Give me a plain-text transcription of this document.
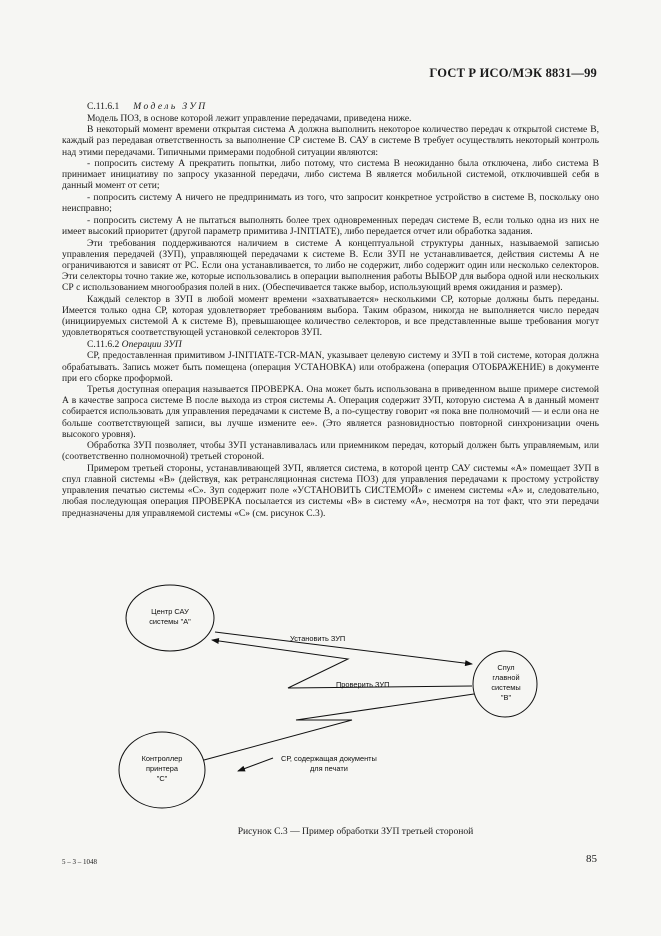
ГОСТ Р ИСО/МЭК 8831—99

С.11.6.1 Модель ЗУП

Модель ПОЗ, в основе которой лежит управление передачами, приведена ниже.

В некоторый момент времени открытая система А должна выполнить некоторое количество передач к открытой системе В, каждый раз передавая ответственность за выполнение СР системе В. САУ в системе В требует осуществлять некоторый контроль над этими передачами. Типичными примерами подобной ситуации являются:

- попросить систему А прекратить попытки, либо потому, что система В неожиданно была отключена, либо система В принимает инициативу по запросу указанной передачи, либо система В является мобильной системой, отключившей себя в данный момент от сети;

- попросить систему А ничего не предпринимать из того, что запросит конкретное устройство в системе В, поскольку оно неисправно;

- попросить систему А не пытаться выполнять более трех одновременных передач системе В, если только одна из них не имеет высокий приоритет (другой параметр примитива J-INITIATE), либо передается отчет или обработка задания.

Эти требования поддерживаются наличием в системе А концептуальной структуры данных, называемой записью управления передачей (ЗУП), управляющей передачами к системе В. Если ЗУП не устанавливается, действия системы А не ограничиваются и зависят от РС. Если она устанавливается, то либо не содержит, либо содержит один или несколько селекторов. Эти селекторы точно такие же, которые использовались в операции выполнения работы ВЫБОР для выбора одной или нескольких СР с использованием многообразия полей в них. (Обеспечивается также выбор, использующий время ожидания и размер).

Каждый селектор в ЗУП в любой момент времени «захватывается» несколькими СР, которые должны быть переданы. Имеется только одна СР, которая удовлетворяет требованиям выбора. Таким образом, никогда не выполняется число передач (инициируемых системой А к системе В), превышающее количество селекторов, и все представленные выше требования могут удовлетворяться соответствующей установкой селекторов ЗУП.

С.11.6.2 Операции ЗУП

СР, предоставленная примитивом J-INITIATE-TCR-MAN, указывает целевую систему и ЗУП в той системе, которая должна обрабатывать. Запись может быть помещена (операция УСТАНОВКА) или отображена (операция ОТОБРАЖЕНИЕ) в документе при его сборке проформой.

Третья доступная операция называется ПРОВЕРКА. Она может быть использована в приведенном выше примере системой А в качестве запроса системе В после выхода из строя системы А. Операция содержит ЗУП, которую система А в данный момент собирается использовать для управления передачами к системе В, а по-существу говорит «я пока вне полномочий — и если она не больше соответствующей записи, вы лучше измените ее». (Это является разновидностью повторной синхронизации очень высокого уровня).

Обработка ЗУП позволяет, чтобы ЗУП устанавливалась или приемником передач, который должен быть управляемым, или (соответственно полномочной) третьей стороной.

Примером третьей стороны, устанавливающей ЗУП, является система, в которой центр САУ системы «А» помещает ЗУП в спул главной системы «В» (действуя, как ретрансляционная система ПОЗ) для управления передачами к простому устройству управления печатью системы «С». Зуп содержит поле «УСТАНОВИТЬ СИСТЕМОЙ» с именем системы «А» и, следовательно, любая последующая операция ПРОВЕРКА посылается из системы «В» в систему «А», несмотря на тот факт, что эти передачи предназначены для управляемой системы «С» (см. рисунок С.3).

Центр САУ
системы "А"
Спул
главной
системы
"В"
Контроллер
принтера
"С"
Установить ЗУП
Проверить ЗУП
СР, содержащая документы
для печати
Рисунок С.3 — Пример обработки ЗУП третьей стороной
5 – 3 – 1048	85
